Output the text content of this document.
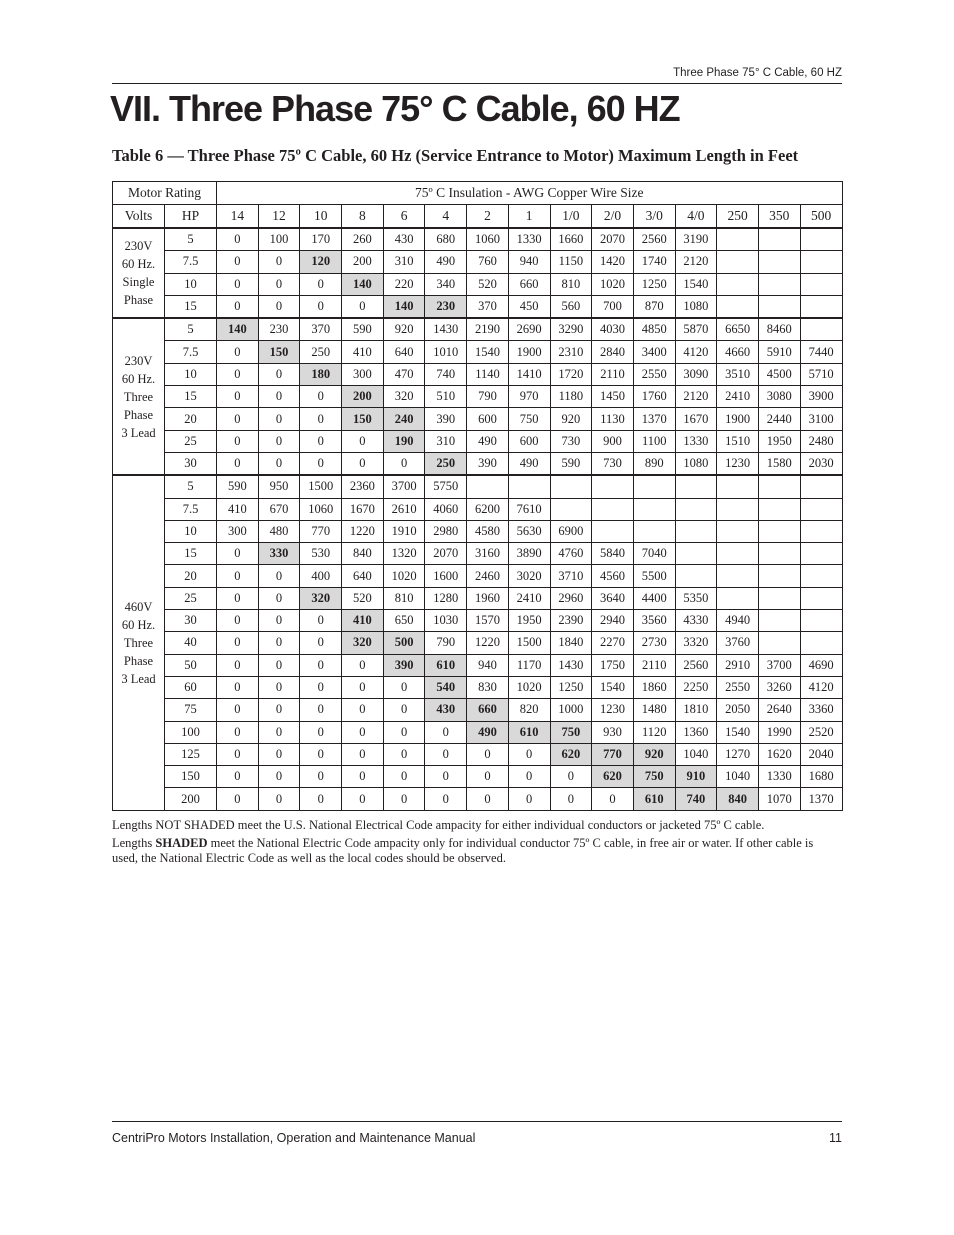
Three Phase 75° C Cable, 60 HZ
VII. Three Phase 75° C Cable, 60 HZ
Table 6 — Three Phase 75º C Cable, 60 Hz (Service Entrance to Motor) Maximum Length in Feet
Motor Rating		75º C Insulation - AWG Copper Wire Size														
Volts	HP	14	12	10	8	6	4	2	1	1/0	2/0	3/0	4/0	250	350	500

230V
60 Hz.
Single
Phase	5	0	100	170	260	430	680	1060	1330	1660	2070	2560	3190			
	7.5	0	0	120	200	310	490	760	940	1150	1420	1740	2120			
	10	0	0	0	140	220	340	520	660	810	1020	1250	1540			
	15	0	0	0	0	140	230	370	450	560	700	870	1080			

230V
60 Hz.
Three
Phase
3 Lead	5	140	230	370	590	920	1430	2190	2690	3290	4030	4850	5870	6650	8460	
	7.5	0	150	250	410	640	1010	1540	1900	2310	2840	3400	4120	4660	5910	7440
	10	0	0	180	300	470	740	1140	1410	1720	2110	2550	3090	3510	4500	5710
	15	0	0	0	200	320	510	790	970	1180	1450	1760	2120	2410	3080	3900
	20	0	0	0	150	240	390	600	750	920	1130	1370	1670	1900	2440	3100
	25	0	0	0	0	190	310	490	600	730	900	1100	1330	1510	1950	2480
	30	0	0	0	0	0	250	390	490	590	730	890	1080	1230	1580	2030

460V
60 Hz.
Three
Phase
3 Lead	5	590	950	1500	2360	3700	5750									
	7.5	410	670	1060	1670	2610	4060	6200	7610							
	10	300	480	770	1220	1910	2980	4580	5630	6900						
	15	0	330	530	840	1320	2070	3160	3890	4760	5840	7040				
	20	0	0	400	640	1020	1600	2460	3020	3710	4560	5500				
	25	0	0	320	520	810	1280	1960	2410	2960	3640	4400	5350			
	30	0	0	0	410	650	1030	1570	1950	2390	2940	3560	4330	4940		
	40	0	0	0	320	500	790	1220	1500	1840	2270	2730	3320	3760		
	50	0	0	0	0	390	610	940	1170	1430	1750	2110	2560	2910	3700	4690
	60	0	0	0	0	0	540	830	1020	1250	1540	1860	2250	2550	3260	4120
	75	0	0	0	0	0	430	660	820	1000	1230	1480	1810	2050	2640	3360
	100	0	0	0	0	0	0	490	610	750	930	1120	1360	1540	1990	2520
	125	0	0	0	0	0	0	0	0	620	770	920	1040	1270	1620	2040
	150	0	0	0	0	0	0	0	0	0	620	750	910	1040	1330	1680
	200	0	0	0	0	0	0	0	0	0	0	610	740	840	1070	1370

Lengths NOT SHADED meet the U.S. National Electrical Code ampacity for either individual conductors or jacketed 75º C cable.

Lengths SHADED meet the National Electric Code ampacity only for individual conductor 75º C cable, in free air or water. If other cable is used, the National Electric Code as well as the local codes should be observed.

CentriPro Motors Installation, Operation and Maintenance Manual	11
